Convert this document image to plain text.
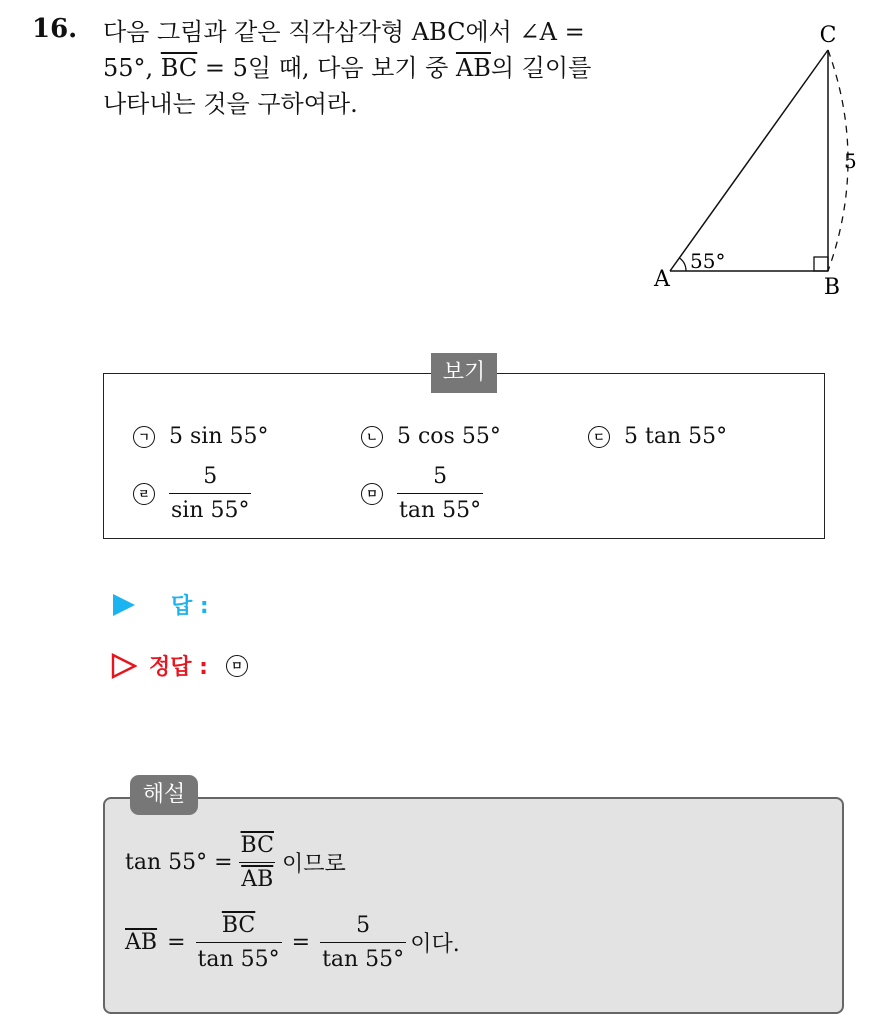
16. 다음 그림과 같은 직각삼각형 ABC에서 ∠A =
55°, $\overline{BC} = 5$일 때, 다음 보기 중 $\overline{AB}$의 길이를
나타내는 것을 구하여라.
C
A	B
55°
5
보기
ㄱ 5 sin 55°	ㄴ 5 cos 55°	ㄷ 5 tan 55°
ㄹ $\frac{5}{\sin 55^\circ}$	ㅁ $\frac{5}{\tan 55^\circ}$
답 :
정답 :	ㅁ
해설
$\tan 55^\circ = \frac{\overline{BC}}{AB}$ 이므로
$\overline{AB} = \frac{\overline{BC}}{\tan 55^\circ} = \frac{5}{\tan 55^\circ}$ 이다.
